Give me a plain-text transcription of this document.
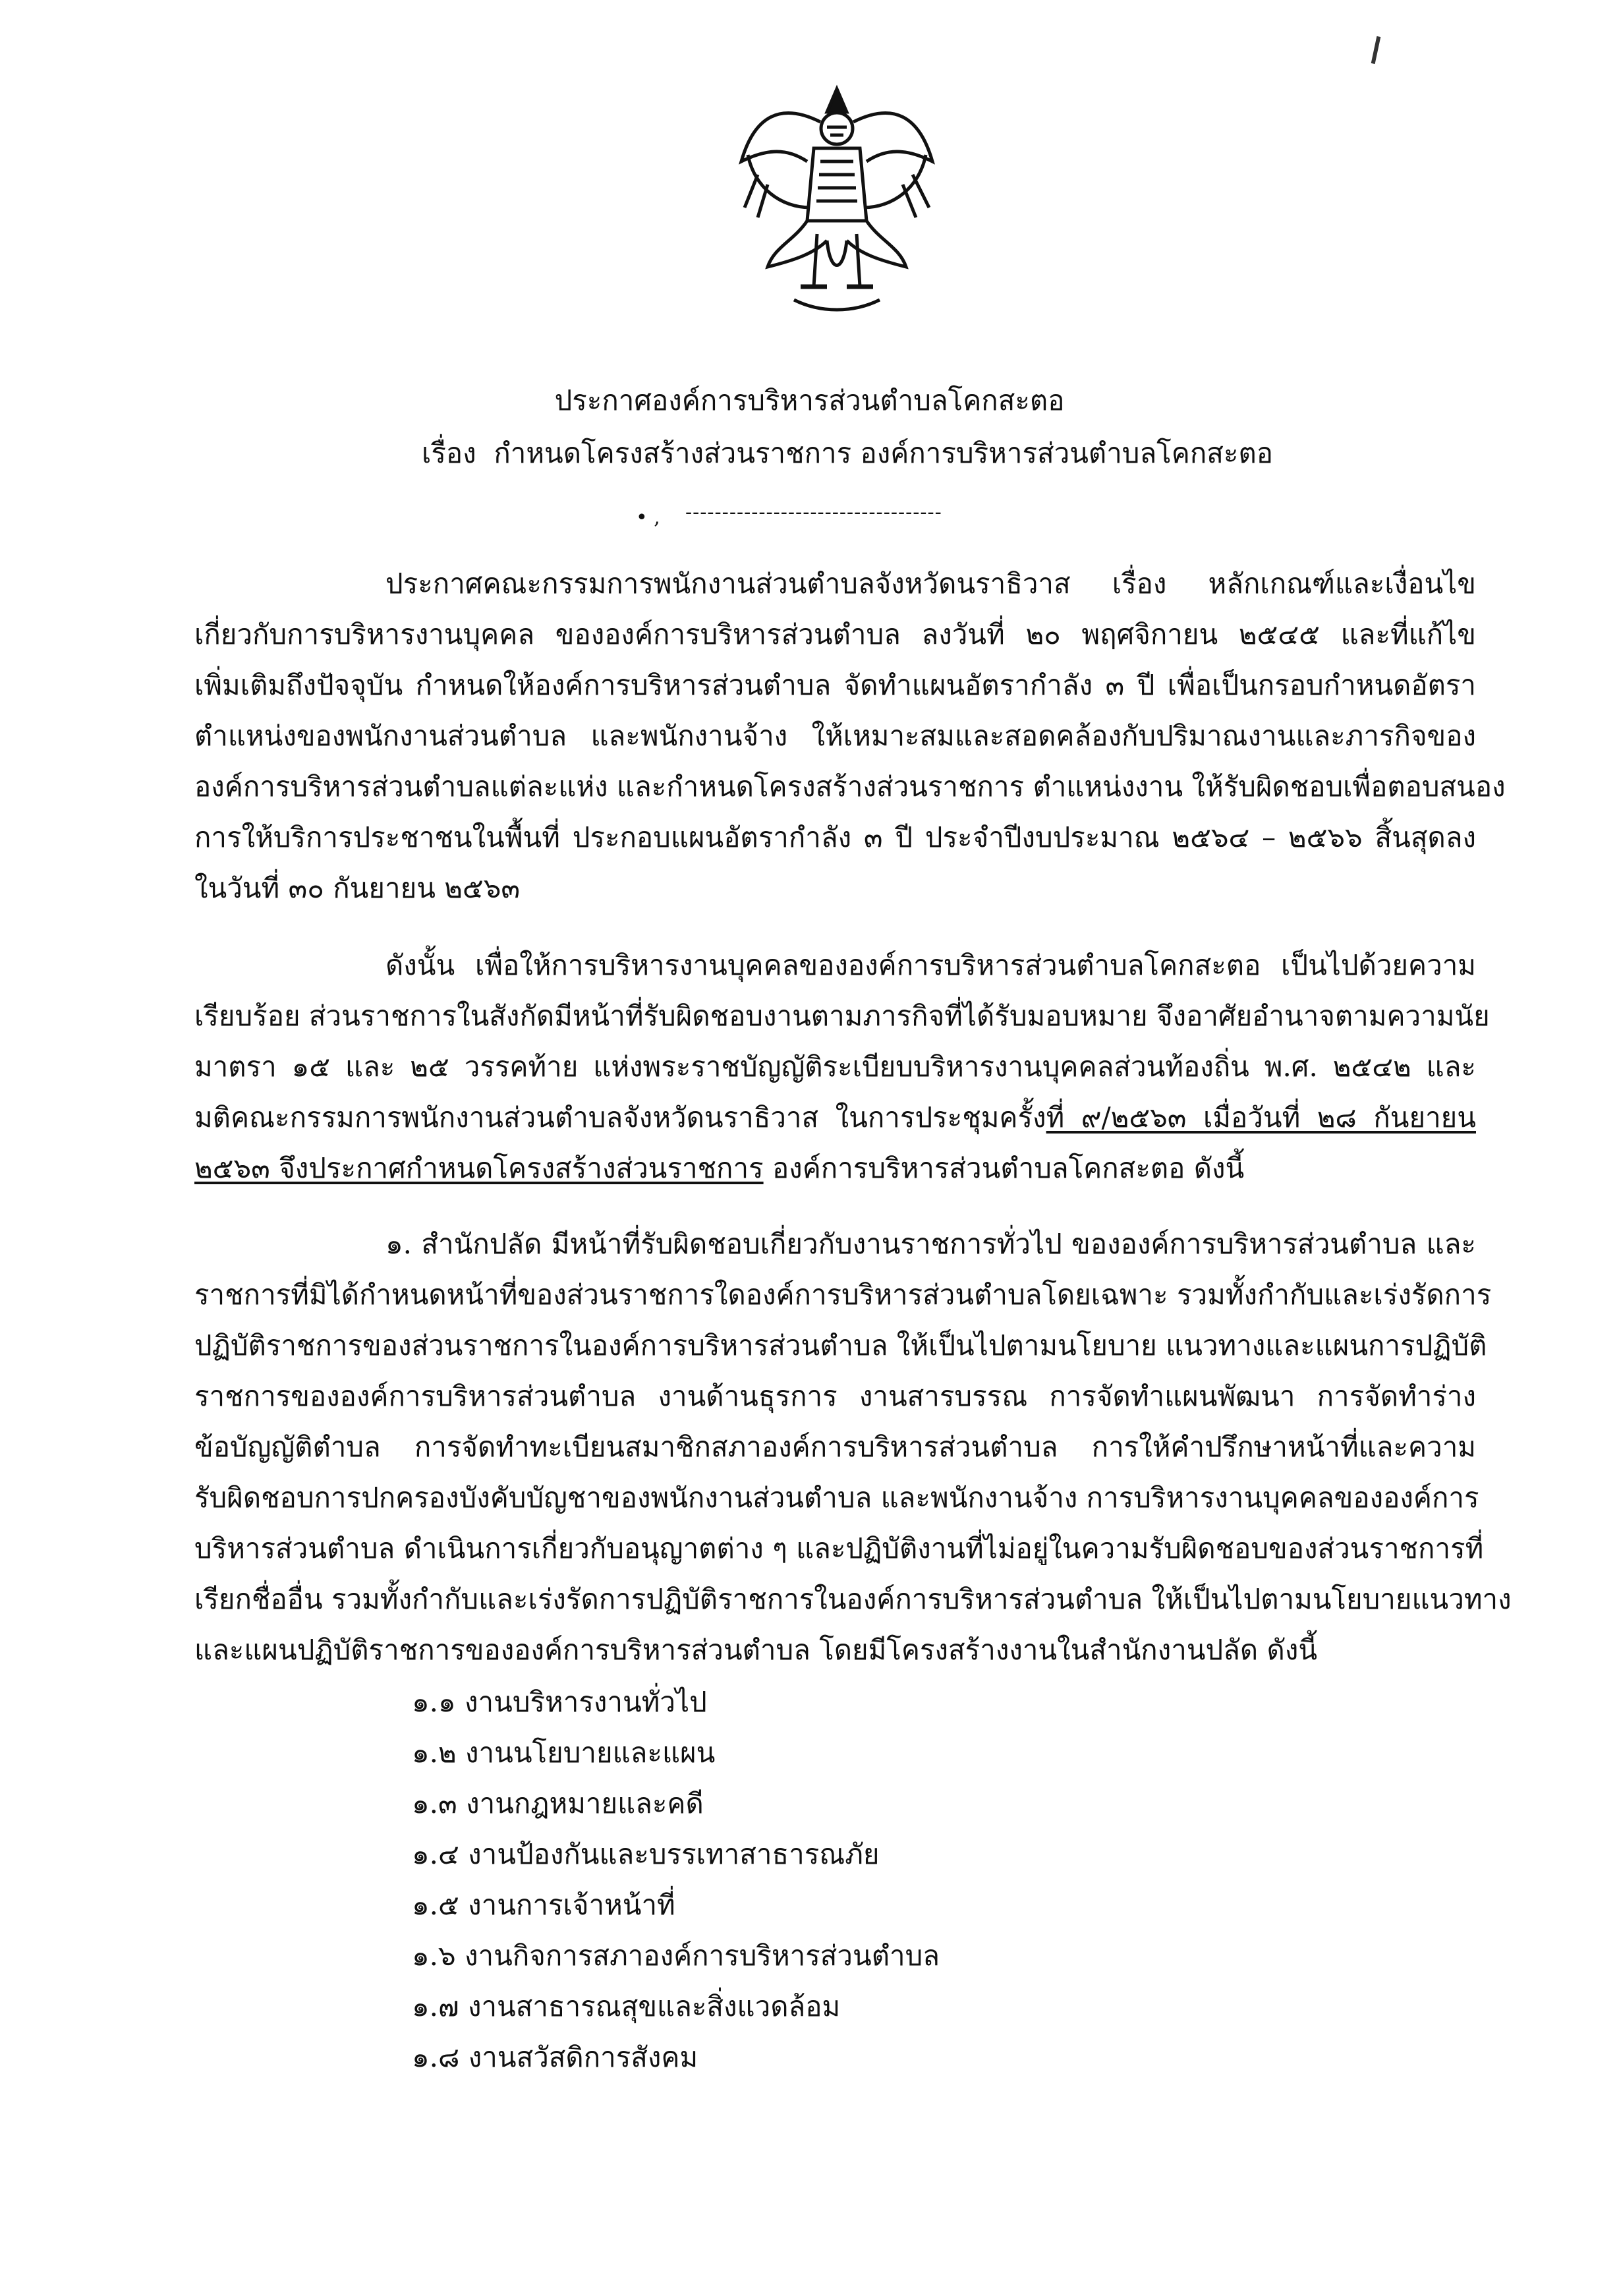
ประกาศองค์การบริหารส่วนตำบลโคกสะตอ
เรื่อง กำหนดโครงสร้างส่วนราชการ องค์การบริหารส่วนตำบลโคกสะตอ
• , -----------------------------------
ประกาศคณะกรรมการพนักงานส่วนตำบลจังหวัดนราธิวาส เรื่อง หลักเกณฑ์และเงื่อนไข
เกี่ยวกับการบริหารงานบุคคล ขององค์การบริหารส่วนตำบล ลงวันที่ ๒๐ พฤศจิกายน ๒๕๔๕ และที่แก้ไข
เพิ่มเติมถึงปัจจุบัน กำหนดให้องค์การบริหารส่วนตำบล จัดทำแผนอัตรากำลัง ๓ ปี เพื่อเป็นกรอบกำหนดอัตรา
ตำแหน่งของพนักงานส่วนตำบล และพนักงานจ้าง ให้เหมาะสมและสอดคล้องกับปริมาณงานและภารกิจของ
องค์การบริหารส่วนตำบลแต่ละแห่ง และกำหนดโครงสร้างส่วนราชการ ตำแหน่งงาน ให้รับผิดชอบเพื่อตอบสนอง
การให้บริการประชาชนในพื้นที่ ประกอบแผนอัตรากำลัง ๓ ปี ประจำปีงบประมาณ ๒๕๖๔ – ๒๕๖๖ สิ้นสุดลง
ในวันที่ ๓๐ กันยายน ๒๕๖๓
ดังนั้น เพื่อให้การบริหารงานบุคคลขององค์การบริหารส่วนตำบลโคกสะตอ เป็นไปด้วยความ
เรียบร้อย ส่วนราชการในสังกัดมีหน้าที่รับผิดชอบงานตามภารกิจที่ได้รับมอบหมาย จึงอาศัยอำนาจตามความนัย
มาตรา ๑๕ และ ๒๕ วรรคท้าย แห่งพระราชบัญญัติระเบียบบริหารงานบุคคลส่วนท้องถิ่น พ.ศ. ๒๕๔๒ และ
มติคณะกรรมการพนักงานส่วนตำบลจังหวัดนราธิวาส ในการประชุมครั้งที่ ๙/๒๕๖๓ เมื่อวันที่ ๒๘ กันยายน
๒๕๖๓ จึงประกาศกำหนดโครงสร้างส่วนราชการ องค์การบริหารส่วนตำบลโคกสะตอ ดังนี้
๑. สำนักปลัด มีหน้าที่รับผิดชอบเกี่ยวกับงานราชการทั่วไป ขององค์การบริหารส่วนตำบล และ
ราชการที่มิได้กำหนดหน้าที่ของส่วนราชการใดองค์การบริหารส่วนตำบลโดยเฉพาะ รวมทั้งกำกับและเร่งรัดการ
ปฏิบัติราชการของส่วนราชการในองค์การบริหารส่วนตำบล ให้เป็นไปตามนโยบาย แนวทางและแผนการปฏิบัติ
ราชการขององค์การบริหารส่วนตำบล งานด้านธุรการ งานสารบรรณ การจัดทำแผนพัฒนา การจัดทำร่าง
ข้อบัญญัติตำบล การจัดทำทะเบียนสมาชิกสภาองค์การบริหารส่วนตำบล การให้คำปรึกษาหน้าที่และความ
รับผิดชอบการปกครองบังคับบัญชาของพนักงานส่วนตำบล และพนักงานจ้าง การบริหารงานบุคคลขององค์การ
บริหารส่วนตำบล ดำเนินการเกี่ยวกับอนุญาตต่าง ๆ และปฏิบัติงานที่ไม่อยู่ในความรับผิดชอบของส่วนราชการที่
เรียกชื่ออื่น รวมทั้งกำกับและเร่งรัดการปฏิบัติราชการในองค์การบริหารส่วนตำบล ให้เป็นไปตามนโยบายแนวทาง
และแผนปฏิบัติราชการขององค์การบริหารส่วนตำบล โดยมีโครงสร้างงานในสำนักงานปลัด ดังนี้
๑.๑ งานบริหารงานทั่วไป
๑.๒ งานนโยบายและแผน
๑.๓ งานกฎหมายและคดี
๑.๔ งานป้องกันและบรรเทาสาธารณภัย
๑.๕ งานการเจ้าหน้าที่
๑.๖ งานกิจการสภาองค์การบริหารส่วนตำบล
๑.๗ งานสาธารณสุขและสิ่งแวดล้อม
๑.๘ งานสวัสดิการสังคม
